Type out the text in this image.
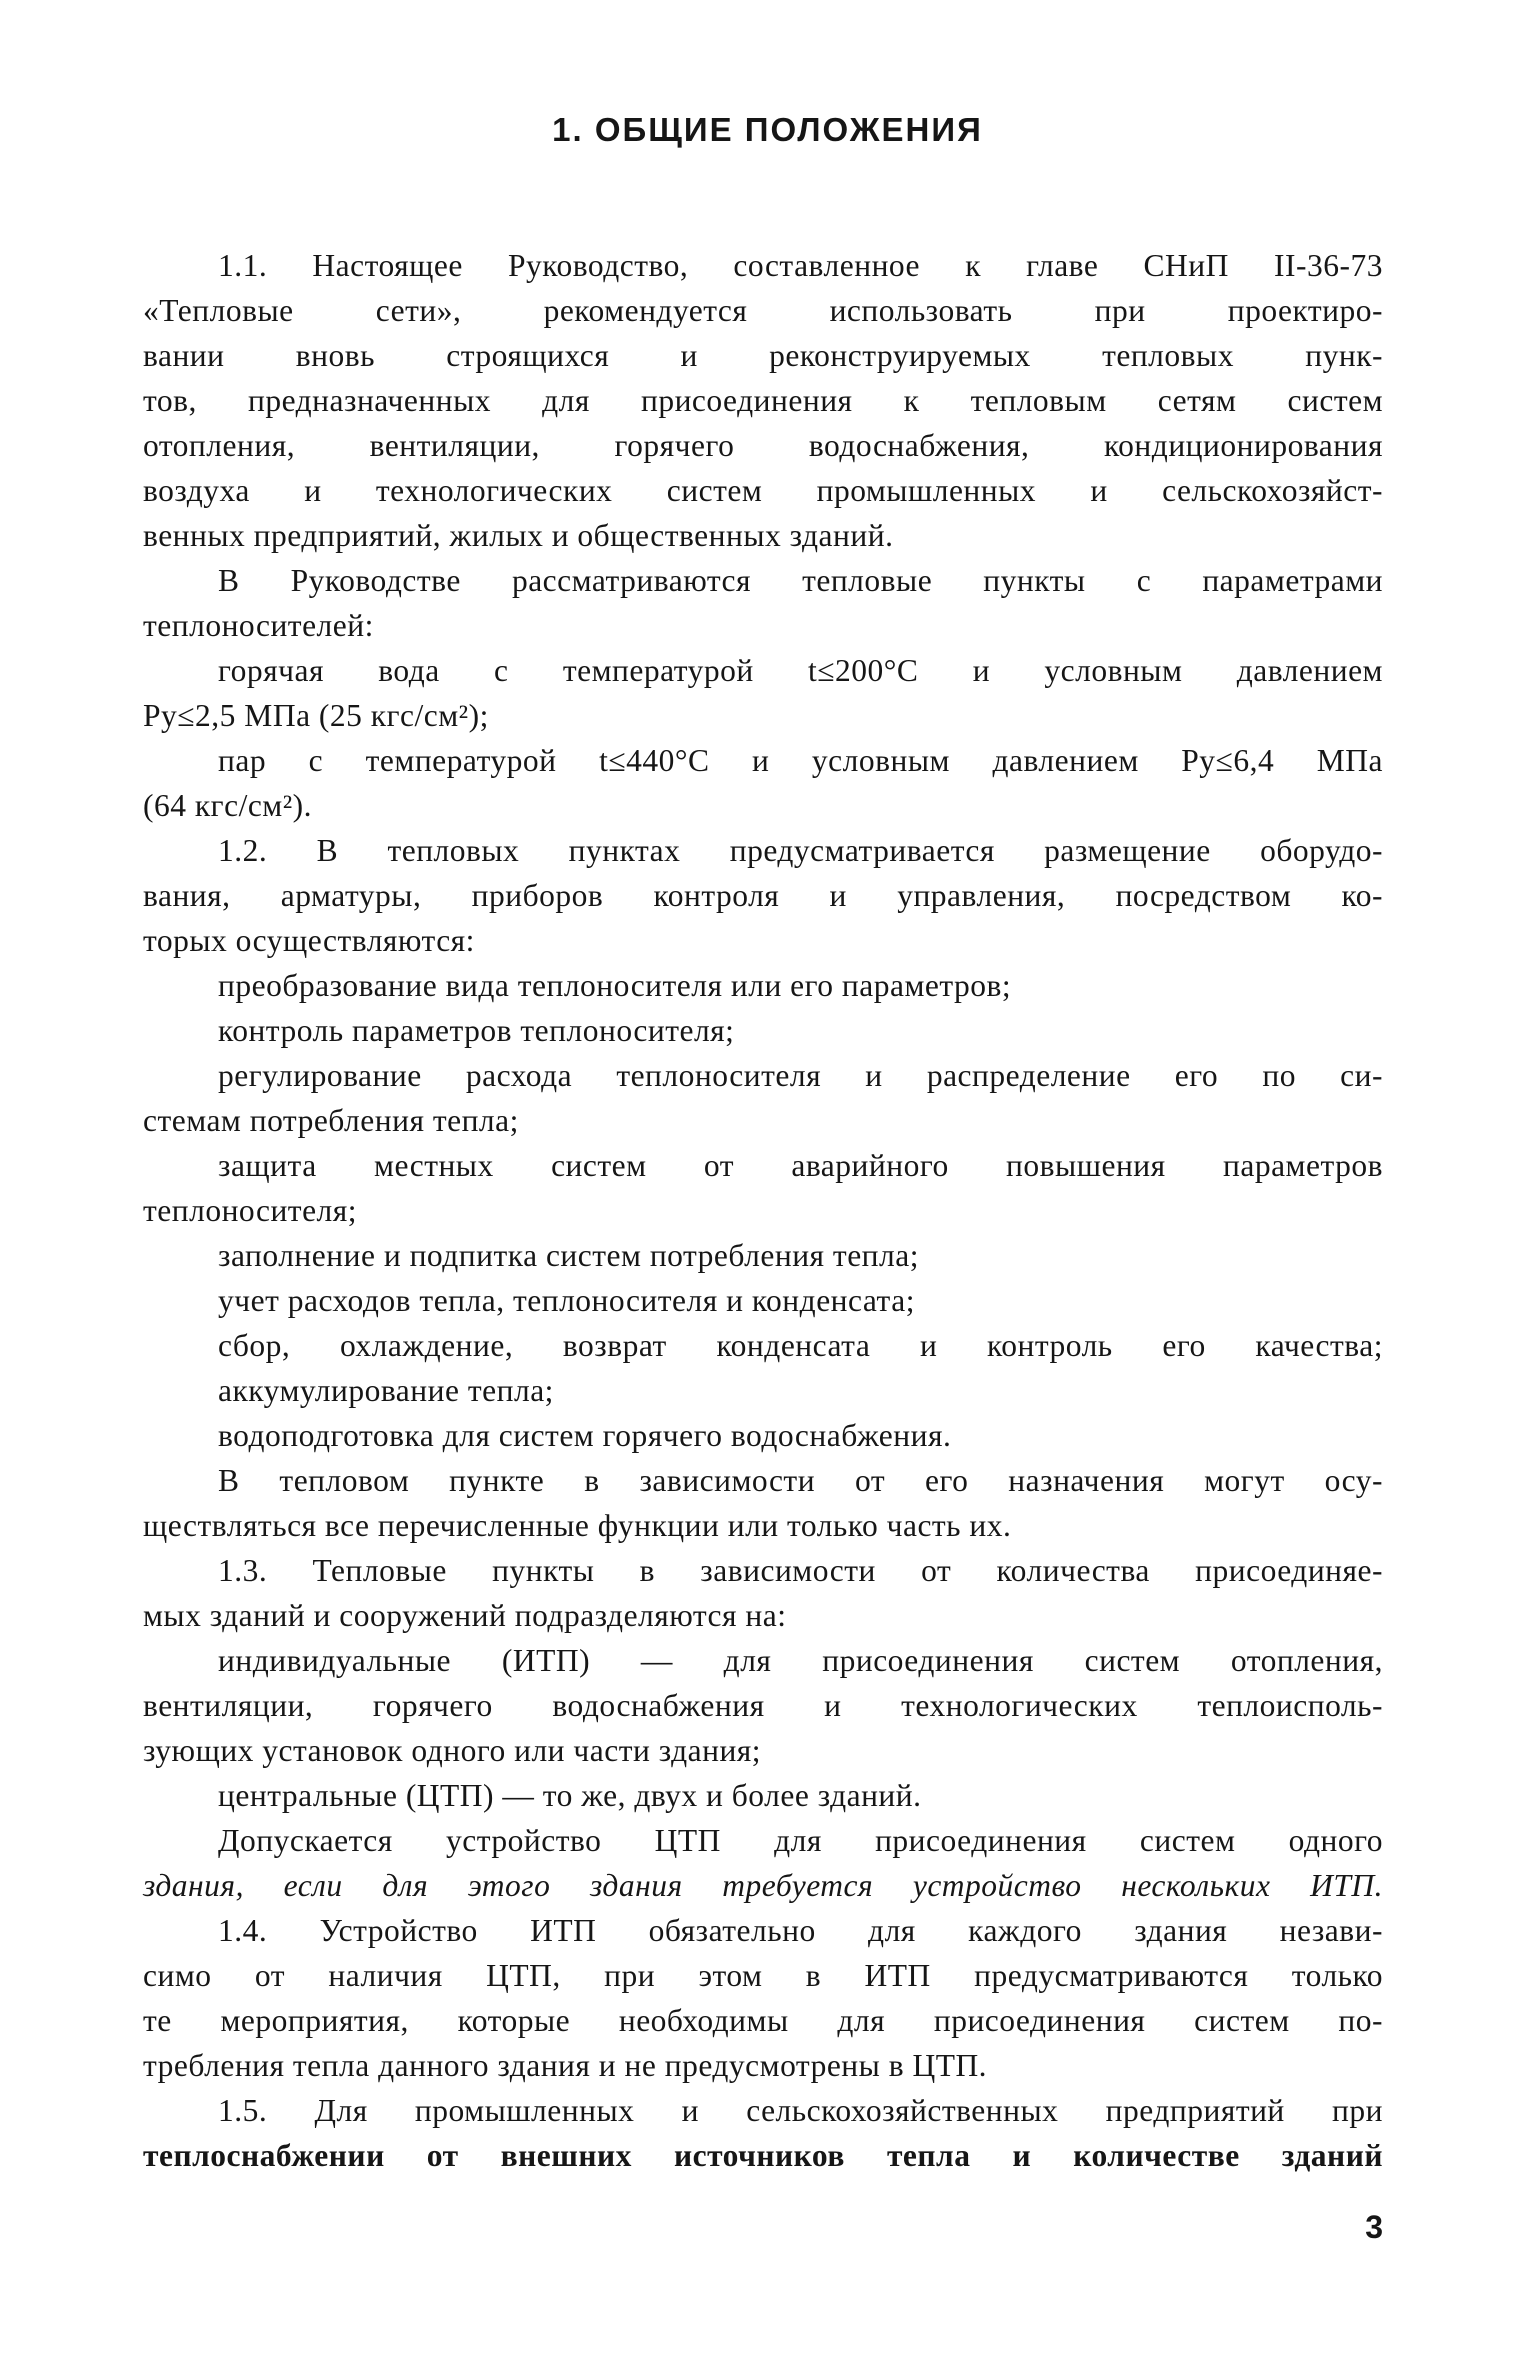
1. ОБЩИЕ ПОЛОЖЕНИЯ
1.1. Настоящее Руководство, составленное к главе СНиП II-36-73
«Тепловые сети», рекомендуется использовать при проектиро-
вании вновь строящихся и реконструируемых тепловых пунк-
тов, предназначенных для присоединения к тепловым сетям систем
отопления, вентиляции, горячего водоснабжения, кондиционирования
воздуха и технологических систем промышленных и сельскохозяйст-
венных предприятий, жилых и общественных зданий.
В Руководстве рассматриваются тепловые пункты с параметрами
теплоносителей:
горячая вода с температурой t≤200°С и условным давлением
Pу≤2,5 МПа (25 кгс/см²);
пар с температурой t≤440°С и условным давлением Pу≤6,4 МПа
(64 кгс/см²).
1.2. В тепловых пунктах предусматривается размещение оборудо-
вания, арматуры, приборов контроля и управления, посредством ко-
торых осуществляются:
преобразование вида теплоносителя или его параметров;
контроль параметров теплоносителя;
регулирование расхода теплоносителя и распределение его по си-
стемам потребления тепла;
защита местных систем от аварийного повышения параметров
теплоносителя;
заполнение и подпитка систем потребления тепла;
учет расходов тепла, теплоносителя и конденсата;
сбор, охлаждение, возврат конденсата и контроль его качества;
аккумулирование тепла;
водоподготовка для систем горячего водоснабжения.
В тепловом пункте в зависимости от его назначения могут осу-
ществляться все перечисленные функции или только часть их.
1.3. Тепловые пункты в зависимости от количества присоединяе-
мых зданий и сооружений подразделяются на:
индивидуальные (ИТП) — для присоединения систем отопления,
вентиляции, горячего водоснабжения и технологических теплоисполь-
зующих установок одного или части здания;
центральные (ЦТП) — то же, двух и более зданий.
Допускается устройство ЦТП для присоединения систем одного
здания, если для этого здания требуется устройство нескольких ИТП.
1.4. Устройство ИТП обязательно для каждого здания незави-
симо от наличия ЦТП, при этом в ИТП предусматриваются только
те мероприятия, которые необходимы для присоединения систем по-
требления тепла данного здания и не предусмотрены в ЦТП.
1.5. Для промышленных и сельскохозяйственных предприятий при
теплоснабжении от внешних источников тепла и количестве зданий
3
